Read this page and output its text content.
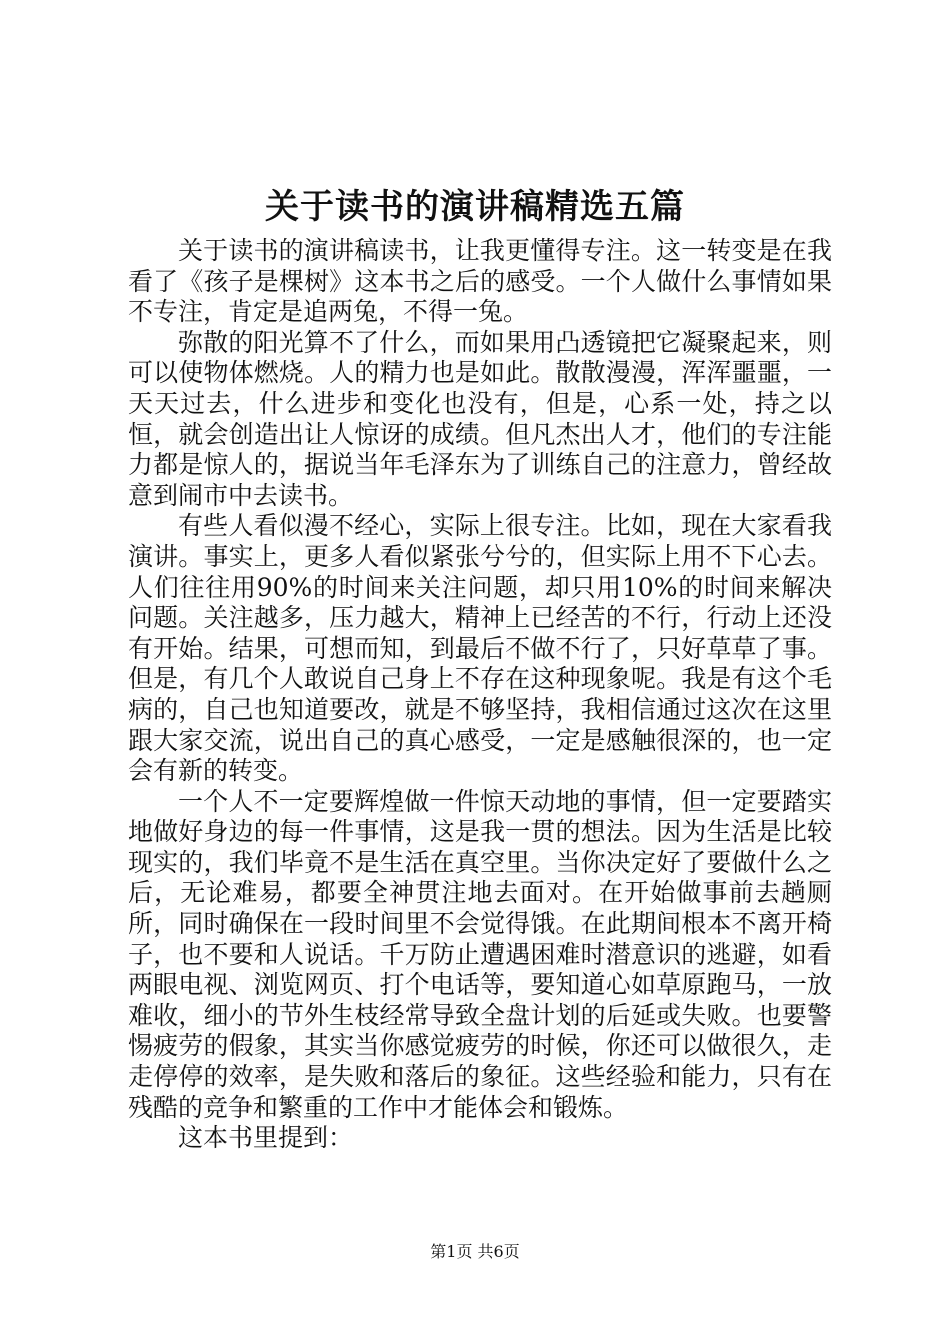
关于读书的演讲稿精选五篇

关于读书的演讲稿读书，让我更懂得专注。这一转变是在我看了《孩子是棵树》这本书之后的感受。一个人做什么事情如果不专注，肯定是追两兔，不得一兔。

弥散的阳光算不了什么，而如果用凸透镜把它凝聚起来，则可以使物体燃烧。人的精力也是如此。散散漫漫，浑浑噩噩，一天天过去，什么进步和变化也没有，但是，心系一处，持之以恒，就会创造出让人惊讶的成绩。但凡杰出人才，他们的专注能力都是惊人的，据说当年毛泽东为了训练自己的注意力，曾经故意到闹市中去读书。

有些人看似漫不经心，实际上很专注。比如，现在大家看我演讲。事实上，更多人看似紧张兮兮的，但实际上用不下心去。人们往往用90%的时间来关注问题，却只用10%的时间来解决问题。关注越多，压力越大，精神上已经苦的不行，行动上还没有开始。结果，可想而知，到最后不做不行了，只好草草了事。但是，有几个人敢说自己身上不存在这种现象呢。我是有这个毛病的，自己也知道要改，就是不够坚持，我相信通过这次在这里跟大家交流，说出自己的真心感受，一定是感触很深的，也一定会有新的转变。

一个人不一定要辉煌做一件惊天动地的事情，但一定要踏实地做好身边的每一件事情，这是我一贯的想法。因为生活是比较现实的，我们毕竟不是生活在真空里。当你决定好了要做什么之后，无论难易，都要全神贯注地去面对。在开始做事前去趟厕所，同时确保在一段时间里不会觉得饿。在此期间根本不离开椅子，也不要和人说话。千万防止遭遇困难时潜意识的逃避，如看两眼电视、浏览网页、打个电话等，要知道心如草原跑马，一放难收，细小的节外生枝经常导致全盘计划的后延或失败。也要警惕疲劳的假象，其实当你感觉疲劳的时候，你还可以做很久，走走停停的效率，是失败和落后的象征。这些经验和能力，只有在残酷的竞争和繁重的工作中才能体会和锻炼。

这本书里提到：

第1页 共6页
